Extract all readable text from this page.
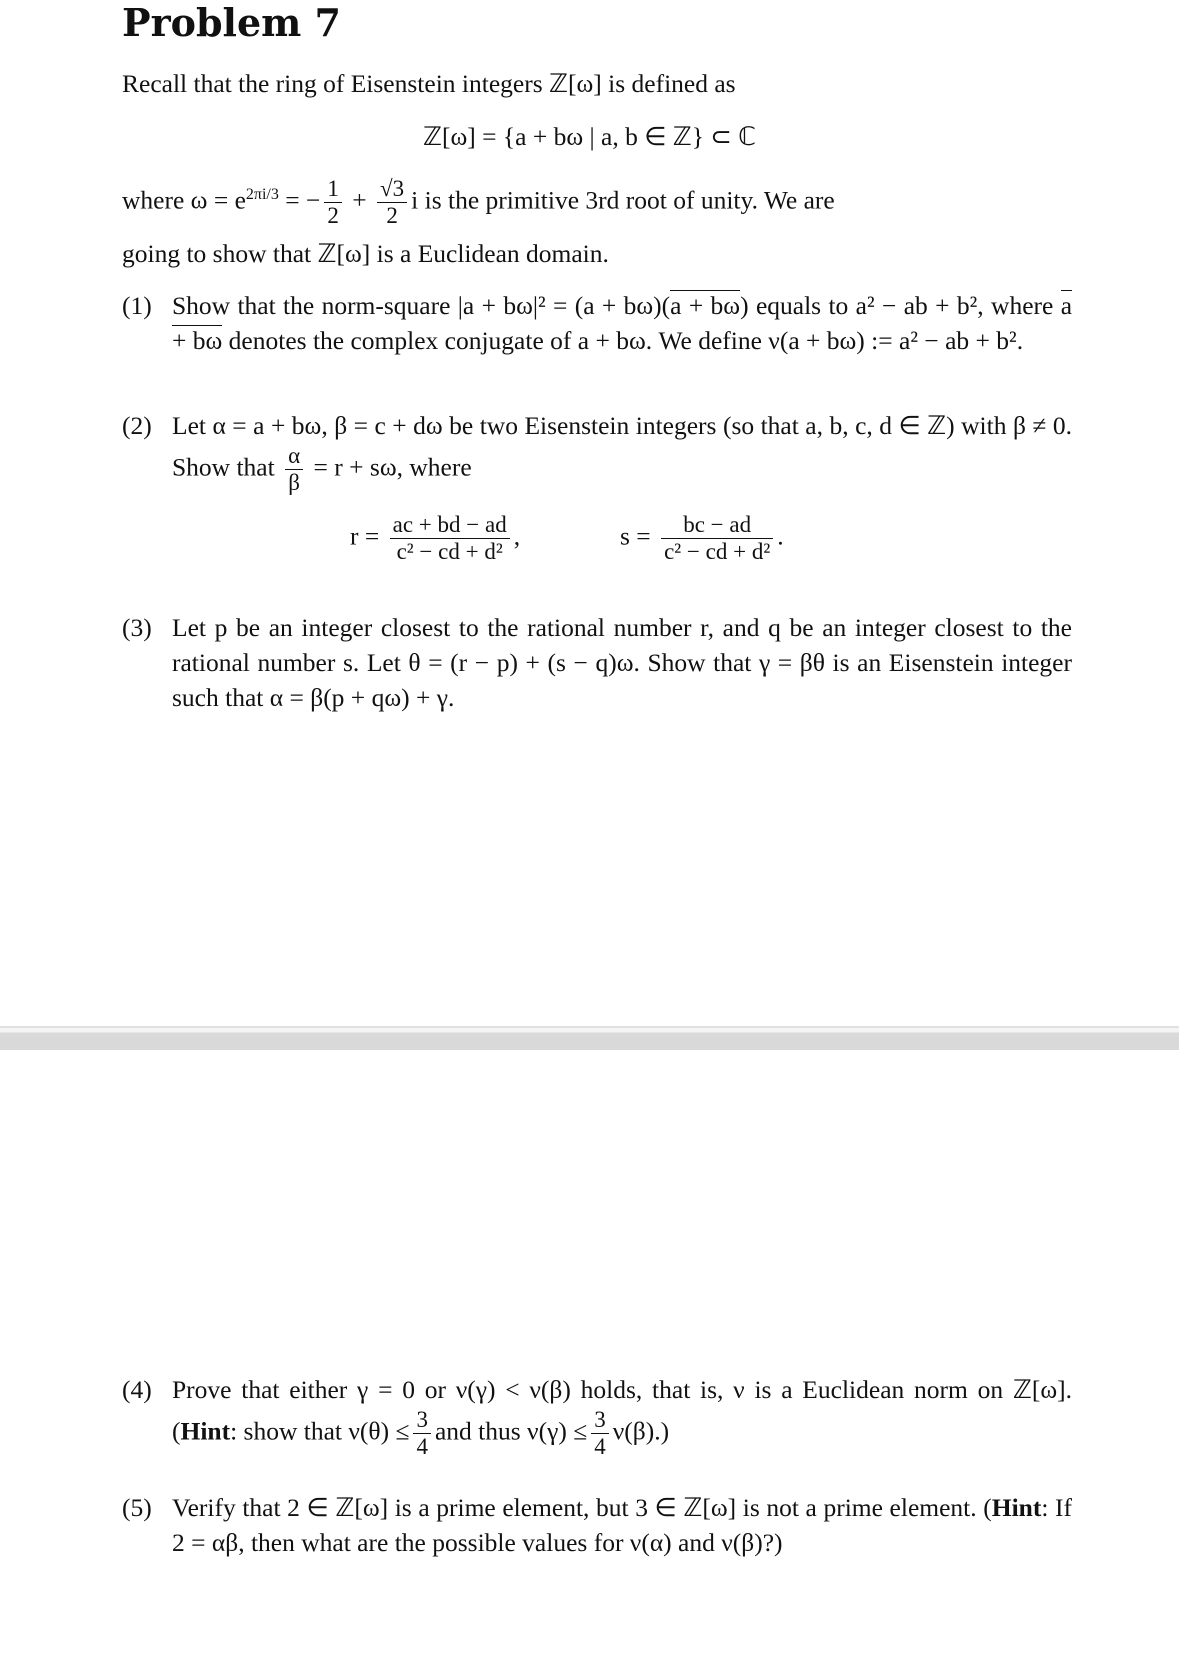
Problem 7
Recall that the ring of Eisenstein integers ℤ[ω] is defined as
ℤ[ω] = {a + bω | a, b ∈ ℤ} ⊂ ℂ
where $\omega = e^{2\pi i/3}$ = − $\frac{1}{2} + \frac{√3}{2}$ i is the primitive 3rd root of unity. We are
going to show that ℤ[ω] is a Euclidean domain.
(1) Show that the norm-square |a + bω|² = (a + bω)(a + bω) equals to a² − ab + b², where a + bω denotes the complex conjugate of a + bω. We define ν(a + bω) := a² − ab + b².
(2) Let α = a + bω, β = c + dω be two Eisenstein integers (so that a, b, c, d ∈ ℤ) with β ≠ 0. Show that $\frac{\alpha}{\beta} = r + s\omega$, where
$r = \frac{ac + bd - ad}{\text{c² − cd + d²}}$ ,	$s = \frac{bc - ad}{\text{c² − cd + d²}}$ .
(3) Let p be an integer closest to the rational number r, and q be an integer closest to the rational number s. Let θ = (r − p) + (s − q)ω. Show that γ = βθ is an Eisenstein integer such that α = β(p + qω) + γ.
(4) Prove that either γ = 0 or ν(γ) < ν(β) holds, that is, ν is a Euclidean norm on ℤ[ω]. (Hint: show that $\nu(\theta) \le \frac{3}{4}$ and thus $\nu(\gamma) \le \frac{3}{4} \nu(\beta)$.)
(5) Verify that 2 ∈ ℤ[ω] is a prime element, but 3 ∈ ℤ[ω] is not a prime element. (Hint: If 2 = αβ, then what are the possible values for ν(α) and ν(β)?)
